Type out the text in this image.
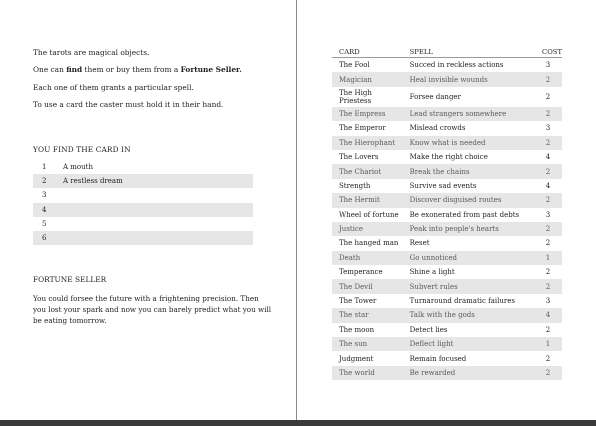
The tarots are magical objects.

One can find them or buy them from a Fortune Seller.

Each one of them grants a particular spell.

To use a card the caster must hold it in their hand.

YOU FIND THE CARD IN
1	A mouth
2	A restless dream
3
4
5
6
FORTUNE SELLER
You could forsee the future with a frightening precision. Then you lost your spark and now you can barely predict what you will be eating tomorrow.
CARD	SPELL	COST
The Fool	Succed in reckless actions	3
Magician	Heal invisible wounds	2
The High Priestess	Forsee danger	2
The Empress	Lead strangers somewhere	2
The Emperor	Mislead crowds	3
The Hierophant	Know what is needed	2
The Lovers	Make the right choice	4
The Chariot	Break the chains	2
Strength	Survive sad events	4
The Hermit	Discover disguised routes	2
Wheel of fortune	Be exonerated from past debts	3
Justice	Peak into people's hearts	2
The hanged man	Reset	2
Death	Go unnoticed	1
Temperance	Shine a light	2
The Devil	Subvert rules	2
The Tower	Turnaround dramatic failures	3
The star	Talk with the gods	4
The moon	Detect lies	2
The sun	Deflect light	1
Judgment	Remain focused	2
The world	Be rewarded	2
